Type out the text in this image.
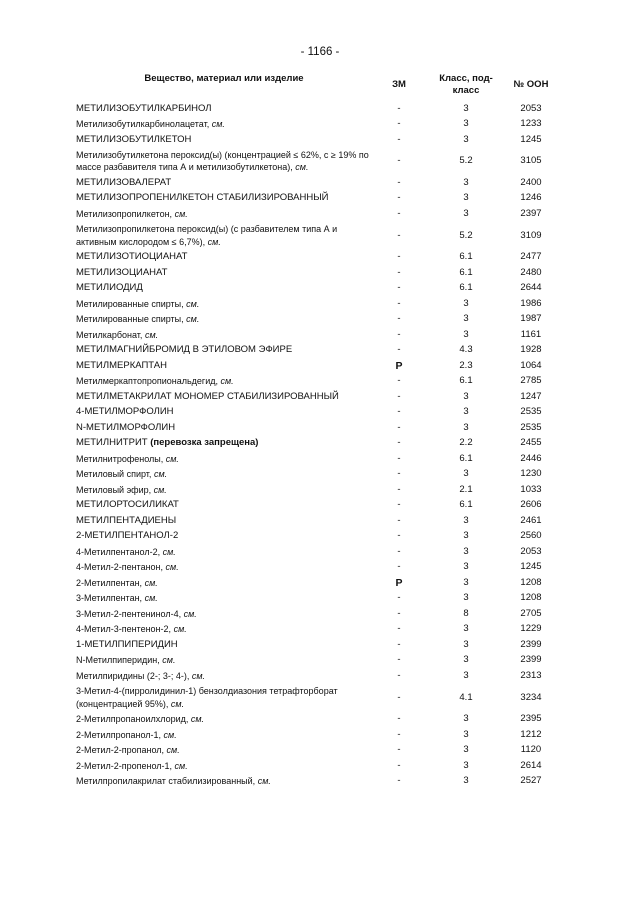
- 1166 -
Вещество, материал или изделие	ЗМ	Класс, под-класс	№ ООН
МЕТИЛИЗОБУТИЛКАРБИНОЛ	-	3	2053
Метилизобутилкарбинолацетат, см.	-	3	1233
МЕТИЛИЗОБУТИЛКЕТОН	-	3	1245
Метилизобутилкетона пероксид(ы) (концентрацией ≤ 62%, с ≥ 19% по массе разбавителя типа А и метилизобутилкетона), см.	-	5.2	3105
МЕТИЛИЗОВАЛЕРАТ	-	3	2400
МЕТИЛИЗОПРОПЕНИЛКЕТОН СТАБИЛИЗИРОВАННЫЙ	-	3	1246
Метилизопропилкетон, см.	-	3	2397
Метилизопропилкетона пероксид(ы) (с разбавителем типа А и активным кислородом ≤ 6,7%), см.	-	5.2	3109
МЕТИЛИЗОТИОЦИАНАТ	-	6.1	2477
МЕТИЛИЗОЦИАНАТ	-	6.1	2480
МЕТИЛИОДИД	-	6.1	2644
Метилированные спирты, см.	-	3	1986
Метилированные спирты, см.	-	3	1987
Метилкарбонат, см.	-	3	1161
МЕТИЛМАГНИЙБРОМИД В ЭТИЛОВОМ ЭФИРЕ	-	4.3	1928
МЕТИЛМЕРКАПТАН	Р	2.3	1064
Метилмеркаптопропиональдегид, см.	-	6.1	2785
МЕТИЛМЕТАКРИЛАТ МОНОМЕР СТАБИЛИЗИРОВАННЫЙ	-	3	1247
4-МЕТИЛМОРФОЛИН	-	3	2535
N-МЕТИЛМОРФОЛИН	-	3	2535
МЕТИЛНИТРИТ (перевозка запрещена)	-	2.2	2455
Метилнитрофенолы, см.	-	6.1	2446
Метиловый спирт, см.	-	3	1230
Метиловый эфир, см.	-	2.1	1033
МЕТИЛОРТОСИЛИКАТ	-	6.1	2606
МЕТИЛПЕНТАДИЕНЫ	-	3	2461
2-МЕТИЛПЕНТАНОЛ-2	-	3	2560
4-Метилпентанол-2, см.	-	3	2053
4-Метил-2-пентанон, см.	-	3	1245
2-Метилпентан, см.	Р	3	1208
3-Метилпентан, см.	-	3	1208
3-Метил-2-пентенинол-4, см.	-	8	2705
4-Метил-3-пентенон-2, см.	-	3	1229
1-МЕТИЛПИПЕРИДИН	-	3	2399
N-Метилпиперидин, см.	-	3	2399
Метилпиридины (2-; 3-; 4-), см.	-	3	2313
3-Метил-4-(пирролидинил-1) бензолдиазония тетрафторборат (концентрацией 95%), см.	-	4.1	3234
2-Метилпропаноилхлорид, см.	-	3	2395
2-Метилпропанол-1, см.	-	3	1212
2-Метил-2-пропанол, см.	-	3	1120
2-Метил-2-пропенол-1, см.	-	3	2614
Метилпропилакрилат стабилизированный, см.	-	3	2527
